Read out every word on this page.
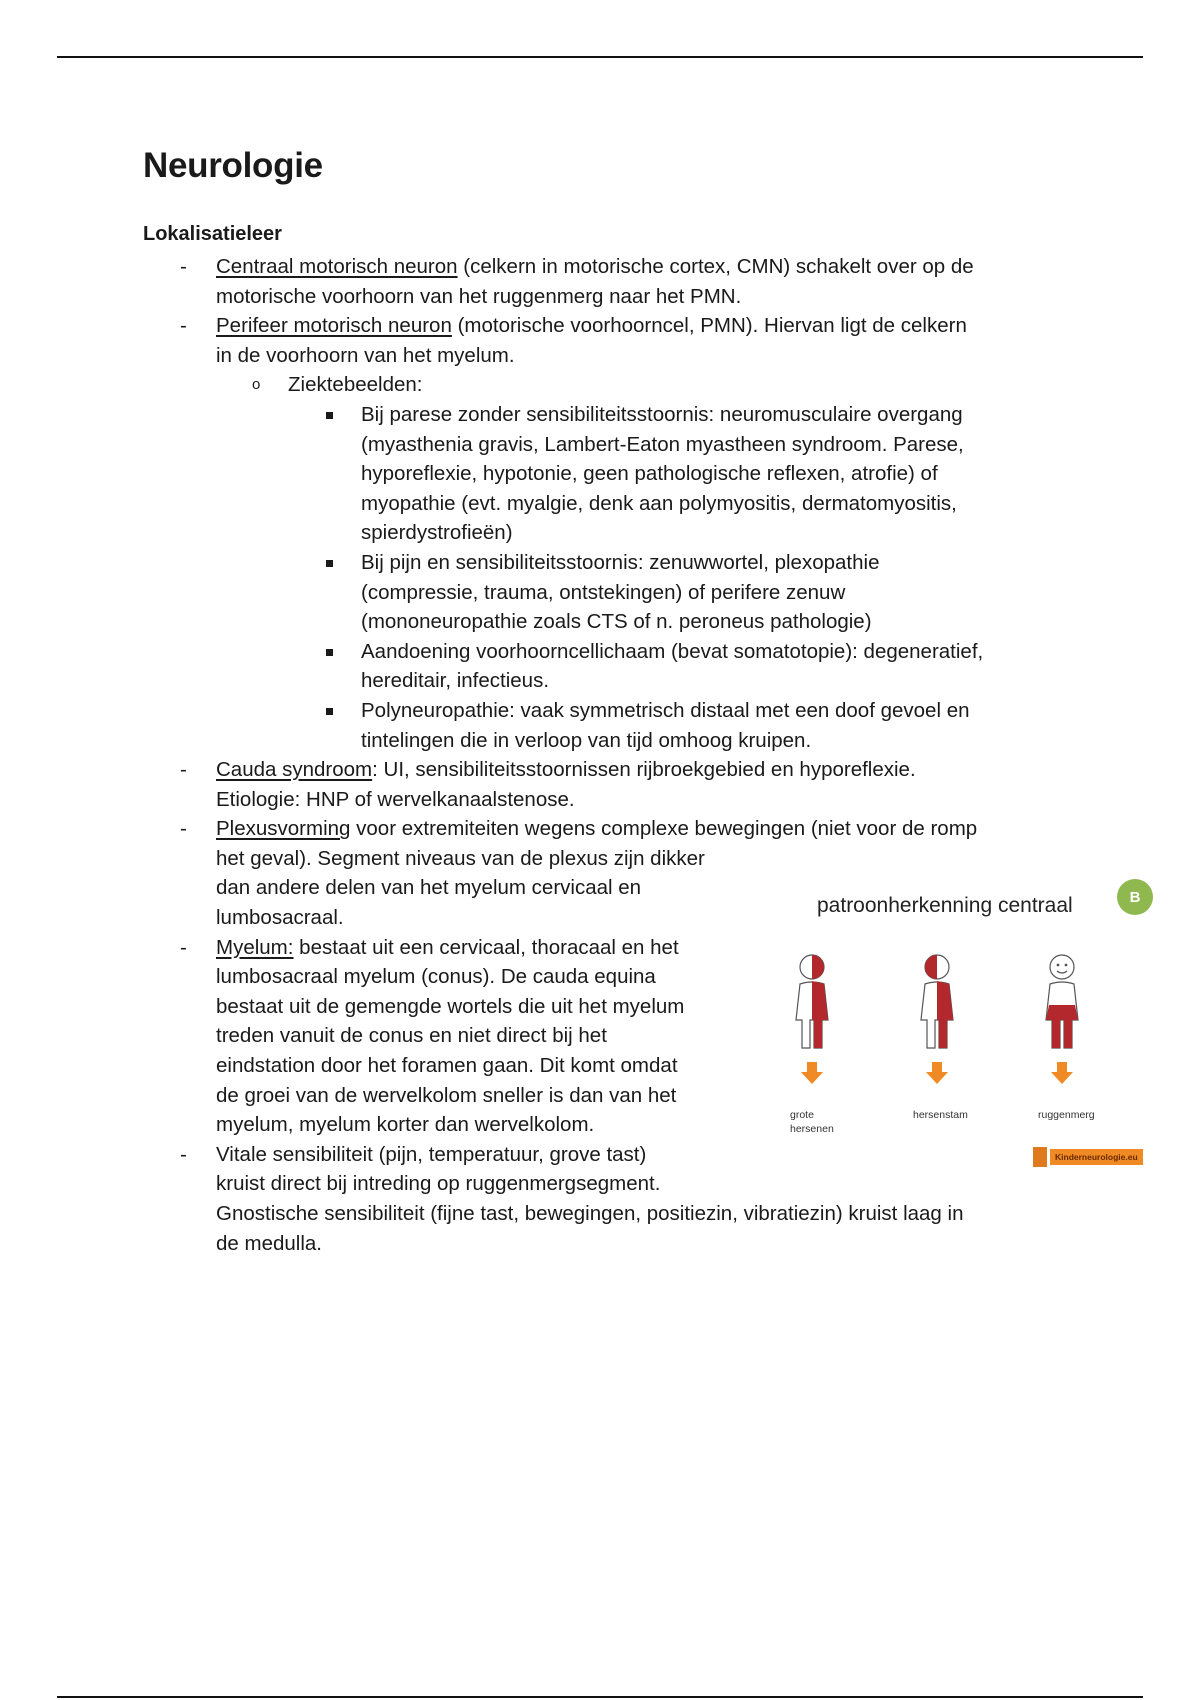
Neurologie
Lokalisatieleer
- Centraal motorisch neuron (celkern in motorische cortex, CMN) schakelt over op de
motorische voorhoorn van het ruggenmerg naar het PMN.
- Perifeer motorisch neuron (motorische voorhoorncel, PMN). Hiervan ligt de celkern
in de voorhoorn van het myelum.
o Ziektebeelden:
Bij parese zonder sensibiliteitsstoornis: neuromusculaire overgang
(myasthenia gravis, Lambert-Eaton myastheen syndroom. Parese,
hyporeflexie, hypotonie, geen pathologische reflexen, atrofie) of
myopathie (evt. myalgie, denk aan polymyositis, dermatomyositis,
spierdystrofieën)
Bij pijn en sensibiliteitsstoornis: zenuwwortel, plexopathie
(compressie, trauma, ontstekingen) of perifere zenuw
(mononeuropathie zoals CTS of n. peroneus pathologie)
Aandoening voorhoorncellichaam (bevat somatotopie): degeneratief,
hereditair, infectieus.
Polyneuropathie: vaak symmetrisch distaal met een doof gevoel en
tintelingen die in verloop van tijd omhoog kruipen.
- Cauda syndroom: UI, sensibiliteitsstoornissen rijbroekgebied en hyporeflexie.
Etiologie: HNP of wervelkanaalstenose.
- Plexusvorming voor extremiteiten wegens complexe bewegingen (niet voor de romp
het geval). Segment niveaus van de plexus zijn dikker
dan andere delen van het myelum cervicaal en
lumbosacraal.
- Myelum: bestaat uit een cervicaal, thoracaal en het
lumbosacraal myelum (conus). De cauda equina
bestaat uit de gemengde wortels die uit het myelum
treden vanuit de conus en niet direct bij het
eindstation door het foramen gaan. Dit komt omdat
de groei van de wervelkolom sneller is dan van het
myelum, myelum korter dan wervelkolom.
- Vitale sensibiliteit (pijn, temperatuur, grove tast)
kruist direct bij intreding op ruggenmergsegment.
Gnostische sensibiliteit (fijne tast, bewegingen, positiezin, vibratiezin) kruist laag in
de medulla.
patroonherkenning centraal	B
grote
hersenen
hersenstam	ruggenmerg
Kinderneurologie.eu
